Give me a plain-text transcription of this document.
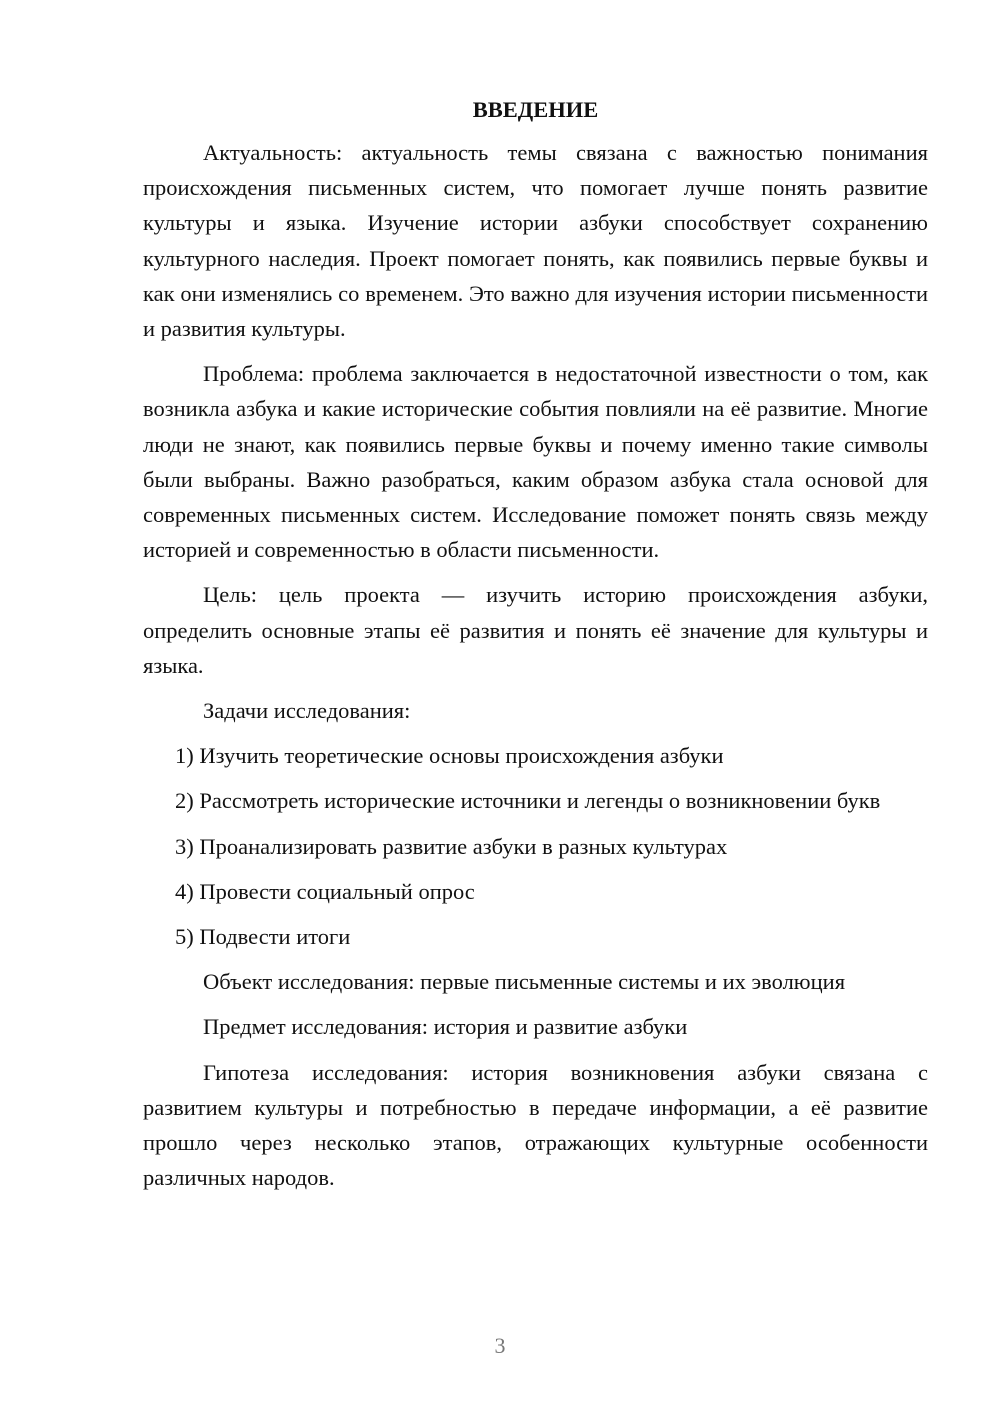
ВВЕДЕНИЕ

Актуальность: актуальность темы связана с важностью понимания происхождения письменных систем, что помогает лучше понять развитие культуры и языка. Изучение истории азбуки способствует сохранению культурного наследия. Проект помогает понять, как появились первые буквы и как они изменялись со временем. Это важно для изучения истории письменности и развития культуры.

Проблема: проблема заключается в недостаточной известности о том, как возникла азбука и какие исторические события повлияли на её развитие. Многие люди не знают, как появились первые буквы и почему именно такие символы были выбраны. Важно разобраться, каким образом азбука стала основой для современных письменных систем. Исследование поможет понять связь между историей и современностью в области письменности.

Цель: цель проекта — изучить историю происхождения азбуки, определить основные этапы её развития и понять её значение для культуры и языка.

Задачи исследования:

1) Изучить теоретические основы происхождения азбуки

2) Рассмотреть исторические источники и легенды о возникновении букв

3) Проанализировать развитие азбуки в разных культурах

4) Провести социальный опрос

5) Подвести итоги

Объект исследования: первые письменные системы и их эволюция

Предмет исследования: история и развитие азбуки

Гипотеза исследования: история возникновения азбуки связана с развитием культуры и потребностью в передаче информации, а её развитие прошло через несколько этапов, отражающих культурные особенности различных народов.

3
